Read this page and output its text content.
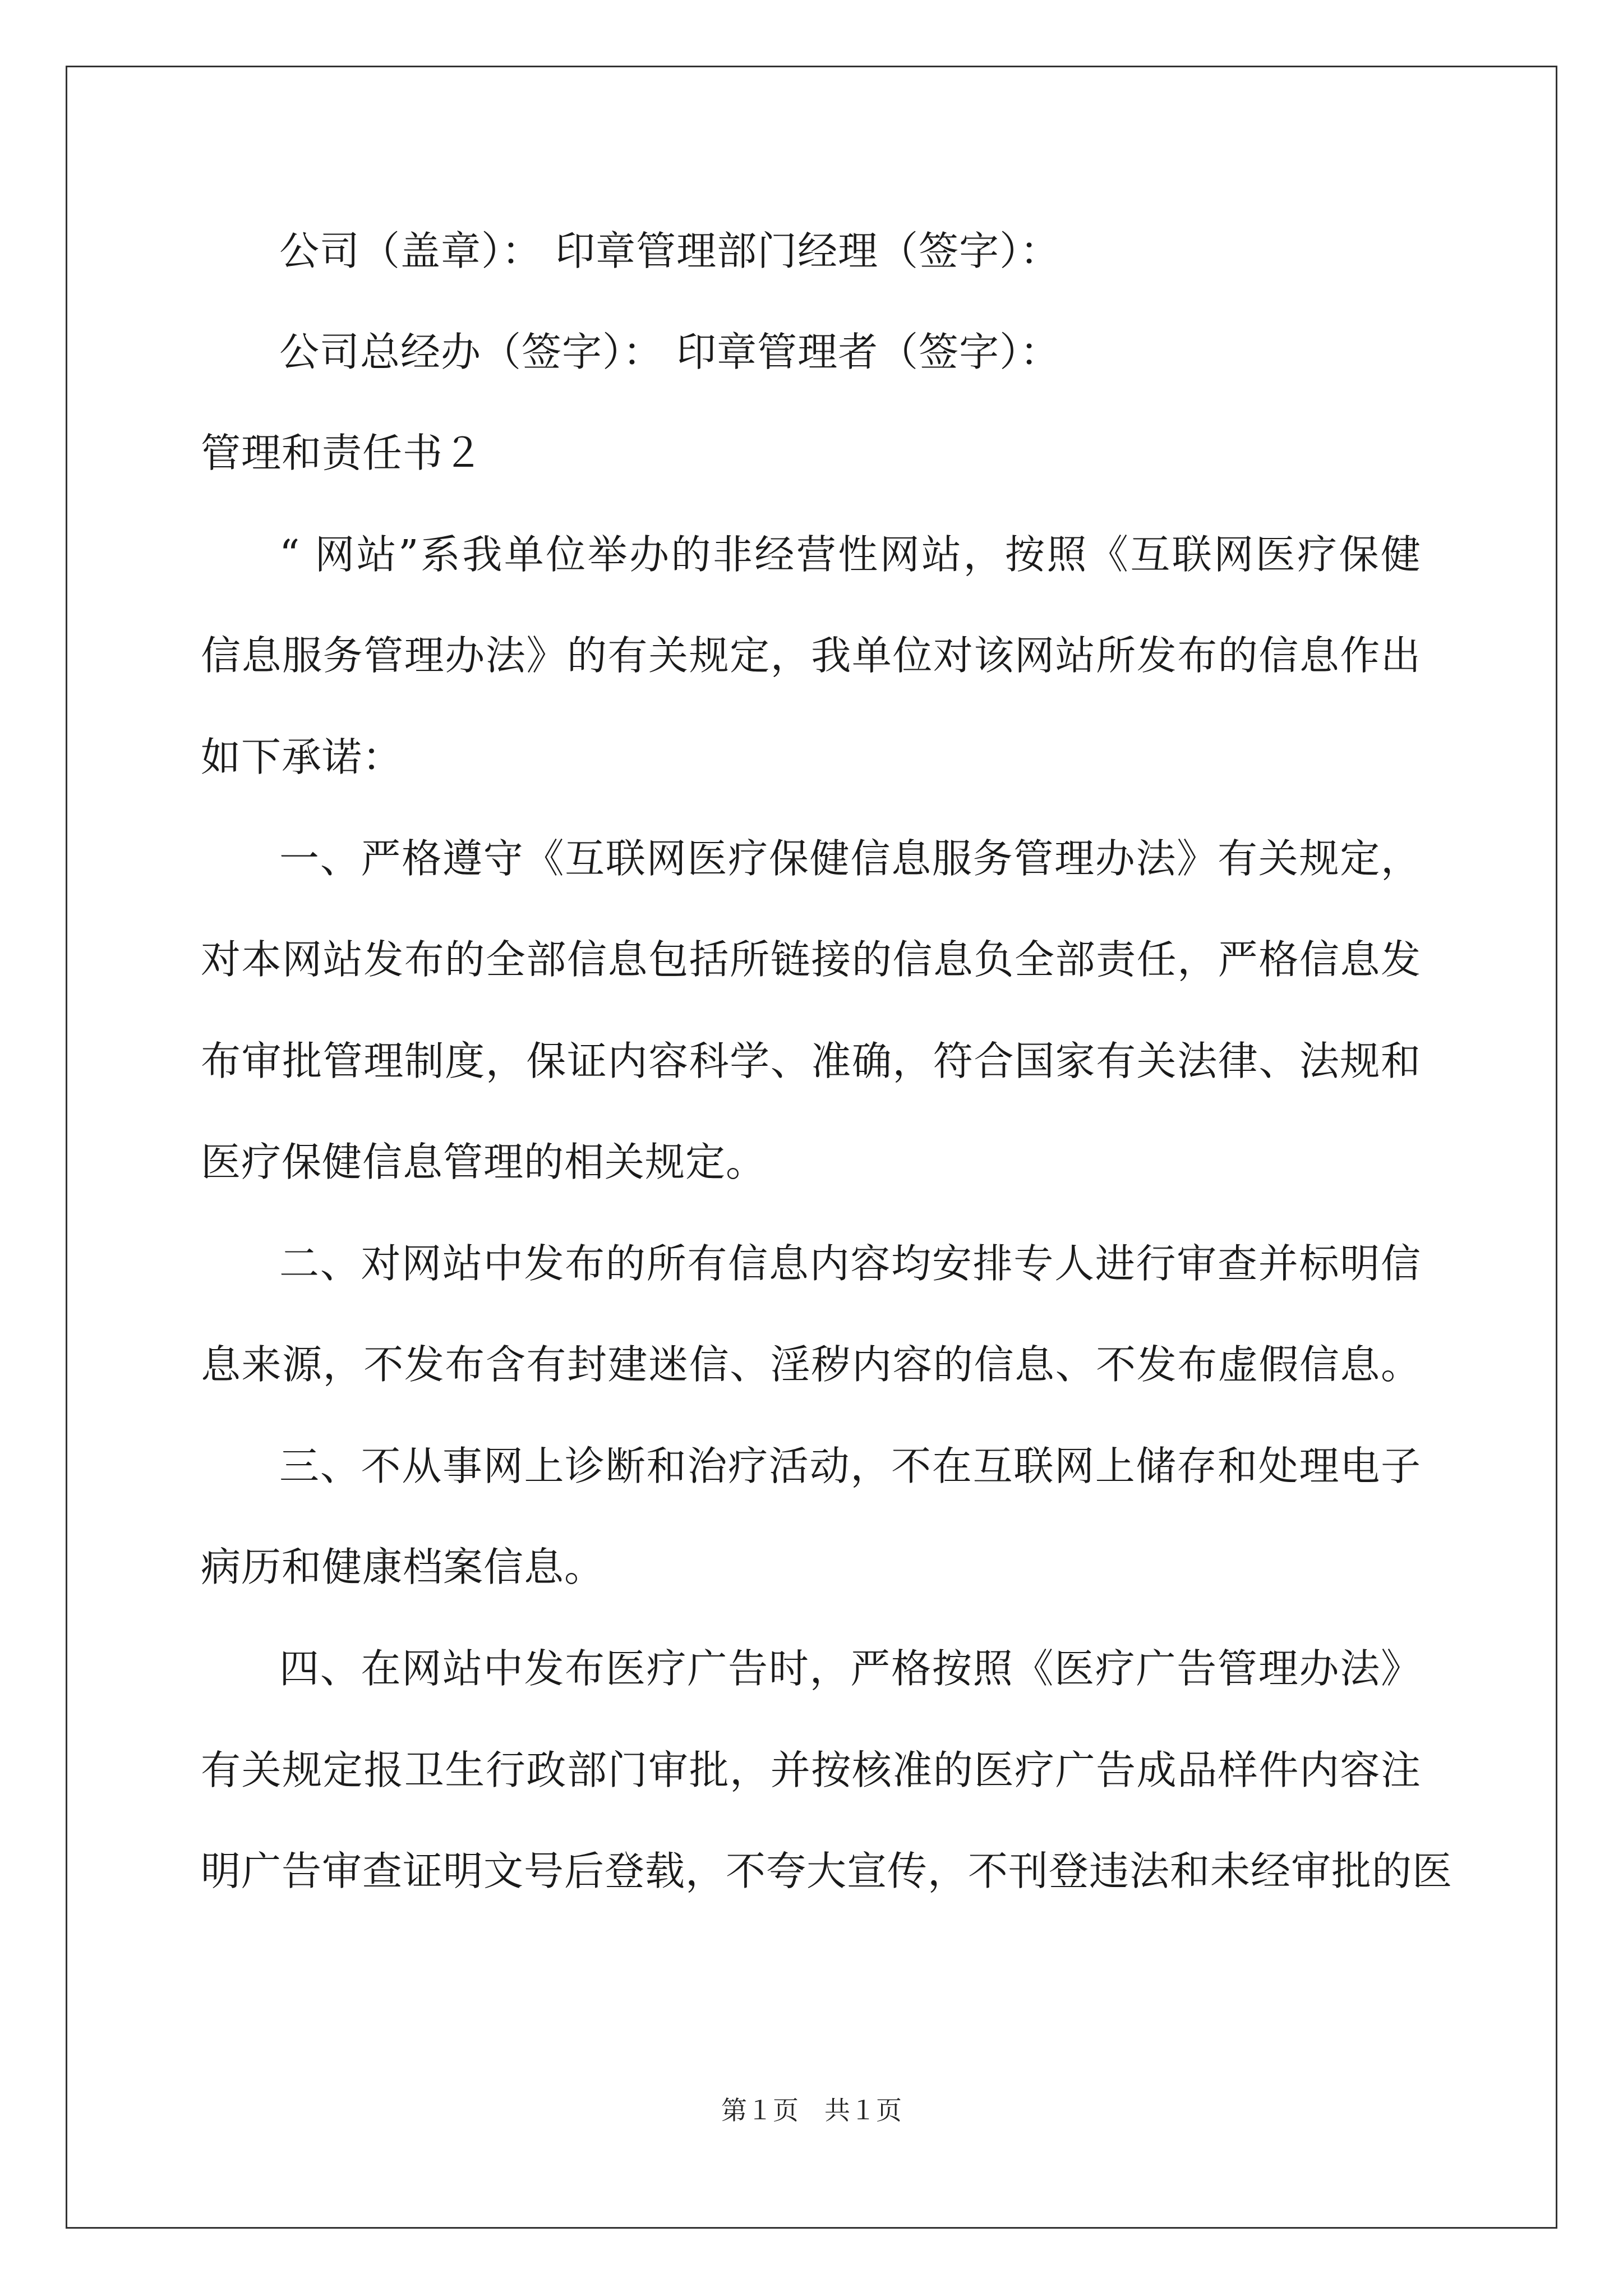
公司（盖章）： 印章管理部门经理（签字）：

公司总经办（签字）： 印章管理者（签字）：

管理和责任书２

“ 网站”系我单位举办的非经营性网站，按照《互联网医疗保健

信息服务管理办法》的有关规定，我单位对该网站所发布的信息作出

如下承诺：

一、严格遵守《互联网医疗保健信息服务管理办法》有关规定，

对本网站发布的全部信息包括所链接的信息负全部责任，严格信息发

布审批管理制度，保证内容科学、准确，符合国家有关法律、法规和

医疗保健信息管理的相关规定。

二、对网站中发布的所有信息内容均安排专人进行审查并标明信

息来源，不发布含有封建迷信、淫秽内容的信息、不发布虚假信息。

三、不从事网上诊断和治疗活动，不在互联网上储存和处理电子

病历和健康档案信息。

四、在网站中发布医疗广告时，严格按照《医疗广告管理办法》

有关规定报卫生行政部门审批，并按核准的医疗广告成品样件内容注

明广告审查证明文号后登载，不夸大宣传，不刊登违法和未经审批的医

第１页　共１页
